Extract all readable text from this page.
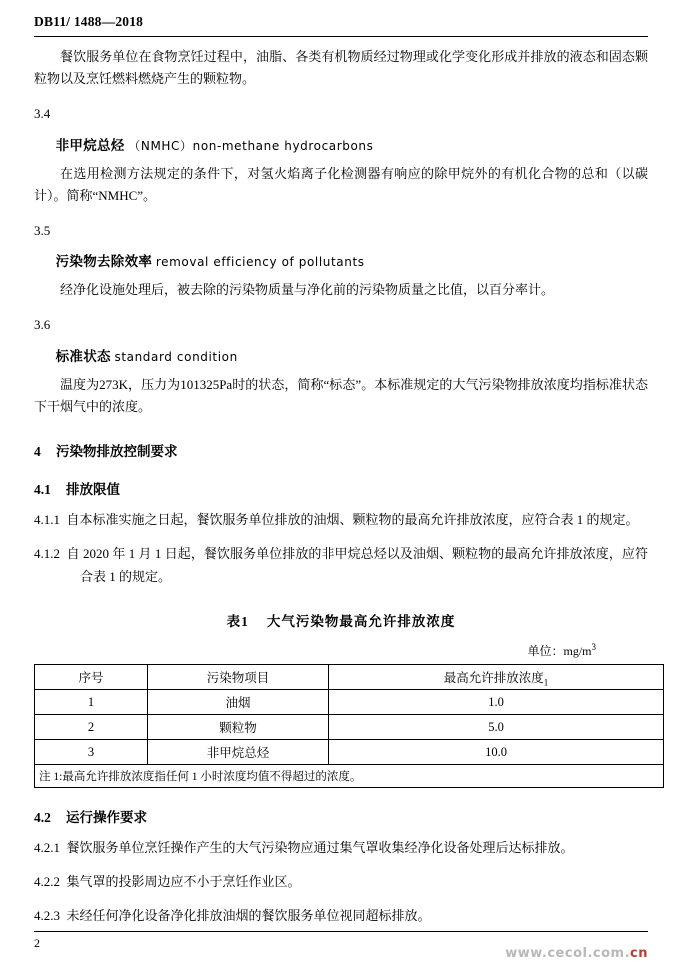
DB11/ 1488—2018

餐饮服务单位在食物烹饪过程中，油脂、各类有机物质经过物理或化学变化形成并排放的液态和固态颗粒物以及烹饪燃料燃烧产生的颗粒物。

3.4
非甲烷总烃 （NMHC）non-methane hydrocarbons

在选用检测方法规定的条件下，对氢火焰离子化检测器有响应的除甲烷外的有机化合物的总和（以碳计）。简称“NMHC”。

3.5
污染物去除效率 removal efficiency of pollutants

经净化设施处理后，被去除的污染物质量与净化前的污染物质量之比值，以百分率计。

3.6
标准状态 standard condition

温度为273K，压力为101325Pa时的状态，简称“标态”。本标准规定的大气污染物排放浓度均指标准状态下干烟气中的浓度。

4 污染物排放控制要求
4.1 排放限值

4.1.1 自本标准实施之日起，餐饮服务单位排放的油烟、颗粒物的最高允许排放浓度，应符合表 1 的规定。

4.1.2 自 2020 年 1 月 1 日起，餐饮服务单位排放的非甲烷总烃以及油烟、颗粒物的最高允许排放浓度，应符合表 1 的规定。

表1 大气污染物最高允许排放浓度
单位：$mg/m^3$
序号	污染物项目	最高允许排放浓度$_1$
1	油烟	1.0
2	颗粒物	5.0
3	非甲烷总烃	10.0
注 1:最高允许排放浓度指任何 1 小时浓度均值不得超过的浓度。		
4.2 运行操作要求

4.2.1 餐饮服务单位烹饪操作产生的大气污染物应通过集气罩收集经净化设备处理后达标排放。

4.2.2 集气罩的投影周边应不小于烹饪作业区。

4.2.3 未经任何净化设备净化排放油烟的餐饮服务单位视同超标排放。

2
www.cecol.com.cn
